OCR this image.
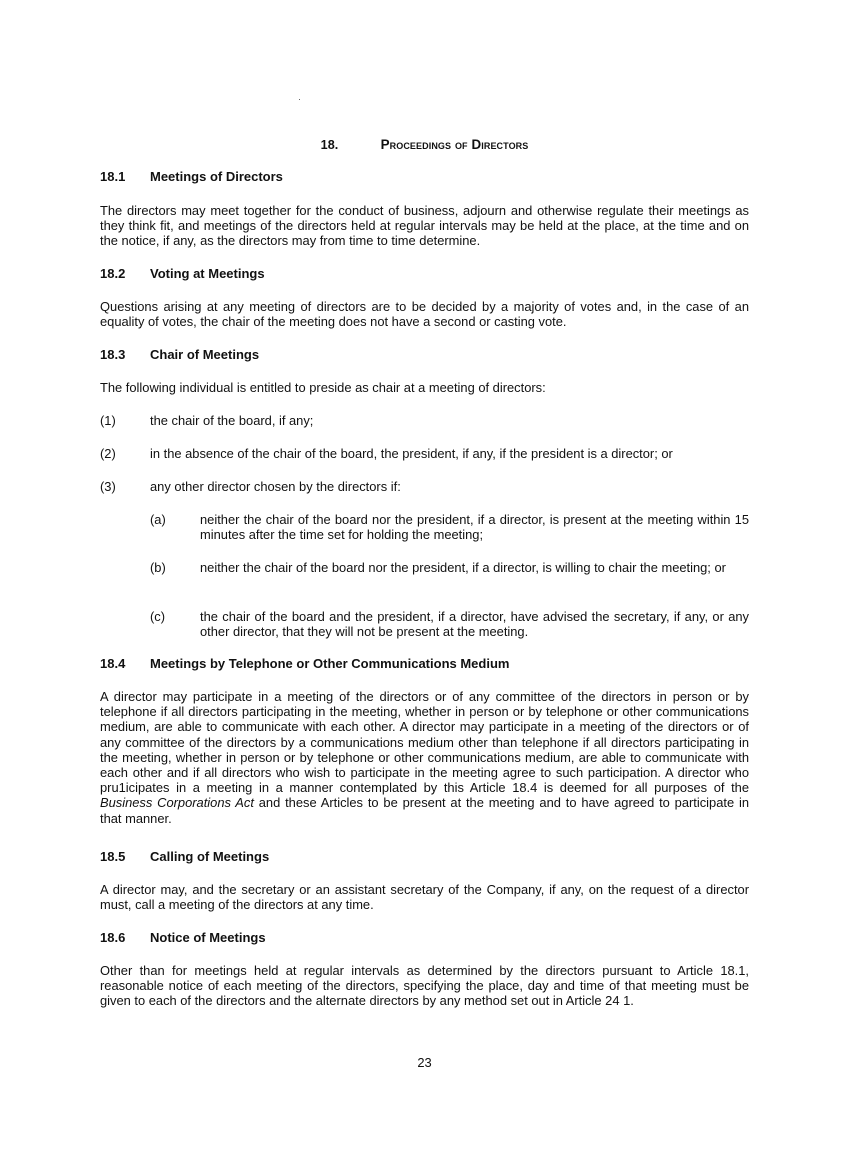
18.	Proceedings of Directors
18.1 Meetings of Directors
The directors may meet together for the conduct of business, adjourn and otherwise regulate their meetings as they think fit, and meetings of the directors held at regular intervals may be held at the place, at the time and on the notice, if any, as the directors may from time to time determine.
18.2 Voting at Meetings
Questions arising at any meeting of directors are to be decided by a majority of votes and, in the case of an equality of votes, the chair of the meeting does not have a second or casting vote.
18.3 Chair of Meetings
The following individual is entitled to preside as chair at a meeting of directors:
(1)	the chair of the board, if any;
(2)	in the absence of the chair of the board, the president, if any, if the president is a director; or
(3)	any other director chosen by the directors if:
(a)	neither the chair of the board nor the president, if a director, is present at the meeting within 15 minutes after the time set for holding the meeting;
(b)	neither the chair of the board nor the president, if a director, is willing to chair the meeting; or
(c)	the chair of the board and the president, if a director, have advised the secretary, if any, or any other director, that they will not be present at the meeting.
18.4 Meetings by Telephone or Other Communications Medium
A director may participate in a meeting of the directors or of any committee of the directors in person or by telephone if all directors participating in the meeting, whether in person or by telephone or other communications medium, are able to communicate with each other. A director may participate in a meeting of the directors or of any committee of the directors by a communications medium other than telephone if all directors participating in the meeting, whether in person or by telephone or other communications medium, are able to communicate with each other and if all directors who wish to participate in the meeting agree to such participation. A director who pru1icipates in a meeting in a manner contemplated by this Article 18.4 is deemed for all purposes of the Business Corporations Act and these Articles to be present at the meeting and to have agreed to participate in that manner.
18.5 Calling of Meetings
A director may, and the secretary or an assistant secretary of the Company, if any, on the request of a director must, call a meeting of the directors at any time.
18.6 Notice of Meetings
Other than for meetings held at regular intervals as determined by the directors pursuant to Article 18.1, reasonable notice of each meeting of the directors, specifying the place, day and time of that meeting must be given to each of the directors and the alternate directors by any method set out in Article 24 1.
23
